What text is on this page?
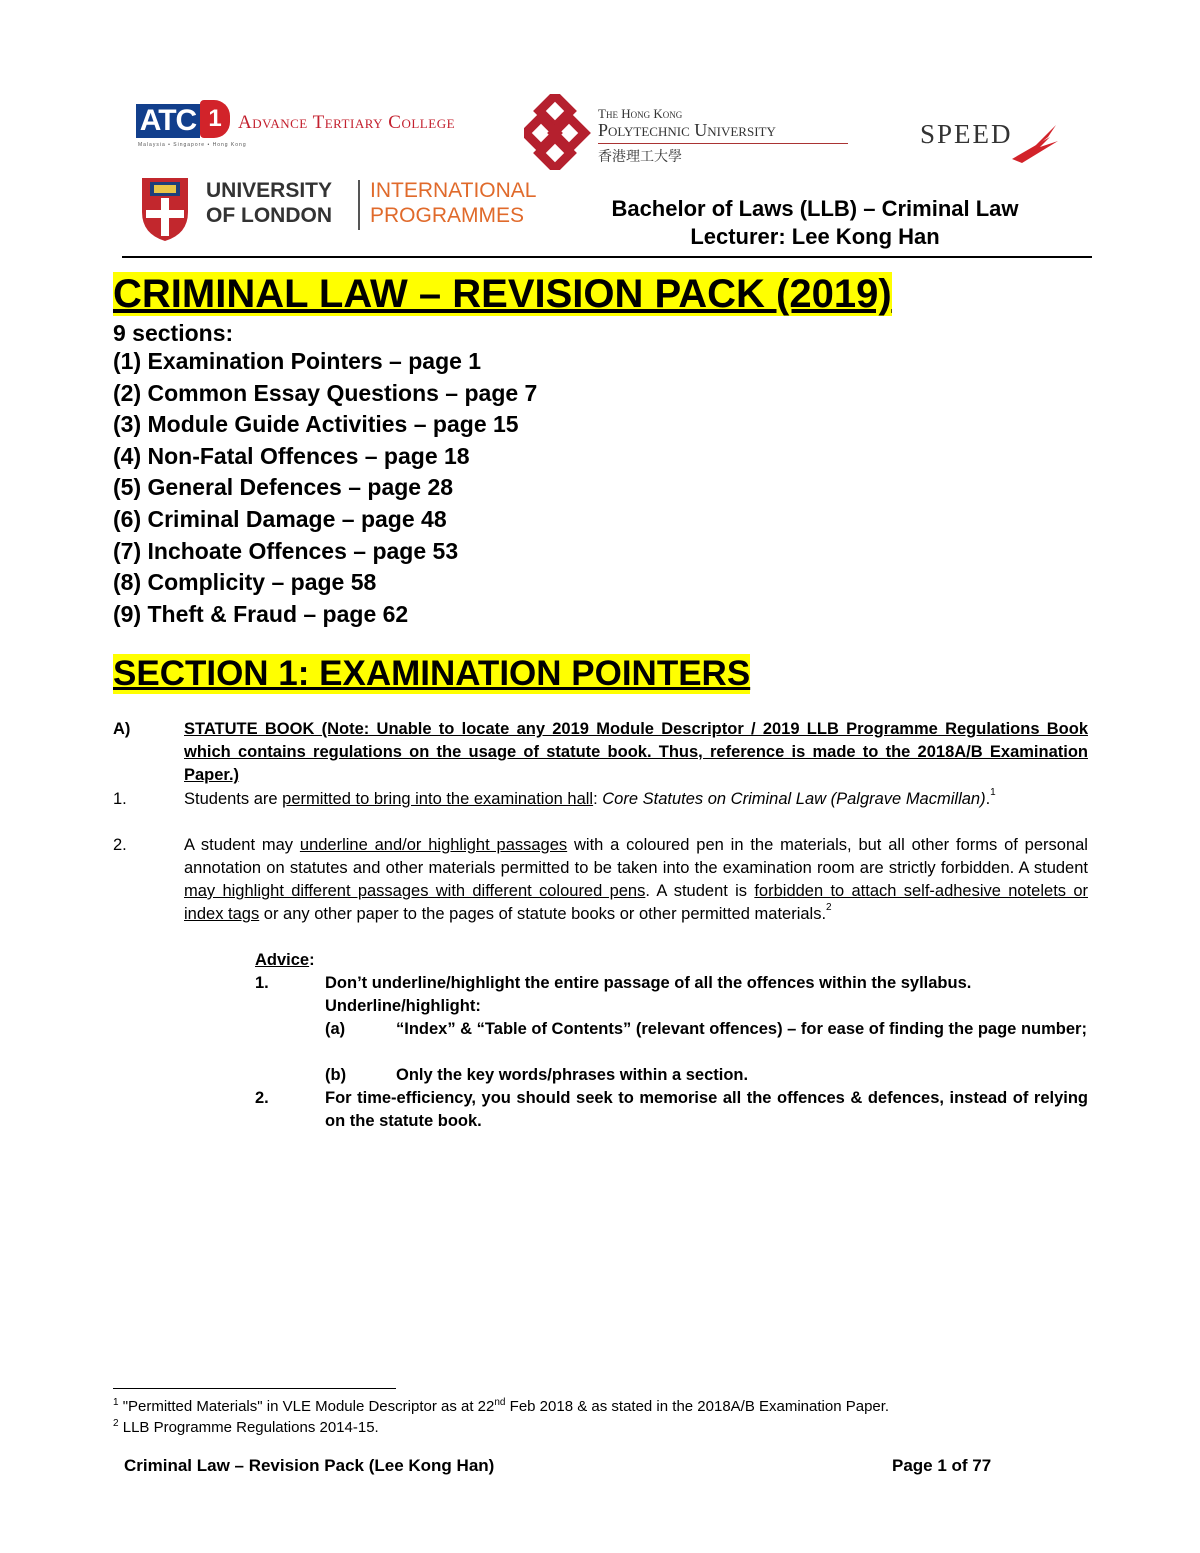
ATC 1 Advance Tertiary College
Malaysia • Singapore • Hong Kong
The Hong Kong
Polytechnic University
香港理工大學
SPEED
UNIVERSITY
OF LONDON
INTERNATIONAL
PROGRAMMES	Bachelor of Laws (LLB) – Criminal Law
Lecturer: Lee Kong Han
CRIMINAL LAW – REVISION PACK (2019)
9 sections:
(1) Examination Pointers – page 1
(2) Common Essay Questions – page 7
(3) Module Guide Activities – page 15
(4) Non-Fatal Offences – page 18
(5) General Defences – page 28
(6) Criminal Damage – page 48
(7) Inchoate Offences – page 53
(8) Complicity – page 58
(9) Theft & Fraud – page 62
SECTION 1: EXAMINATION POINTERS
A)	STATUTE BOOK (Note: Unable to locate any 2019 Module Descriptor / 2019 LLB Programme Regulations Book which contains regulations on the usage of statute book. Thus, reference is made to the 2018A/B Examination Paper.)
1.	Students are permitted to bring into the examination hall: Core Statutes on Criminal Law (Palgrave Macmillan).$^1$
2.	A student may underline and/or highlight passages with a coloured pen in the materials, but all other forms of personal annotation on statutes and other materials permitted to be taken into the examination room are strictly forbidden. A student may highlight different passages with different coloured pens. A student is forbidden to attach self-adhesive notelets or index tags or any other paper to the pages of statute books or other permitted materials.$^2$
Advice:
1.	Don’t underline/highlight the entire passage of all the offences within the syllabus.
Underline/highlight:
(a)	“Index” & “Table of Contents” (relevant offences) – for ease of finding the page number;
(b)	Only the key words/phrases within a section.
2.	For time-efficiency, you should seek to memorise all the offences & defences, instead of relying on the statute book.
$^1$ "Permitted Materials" in VLE Module Descriptor as at 22nd Feb 2018 & as stated in the 2018A/B Examination Paper.
$^2$ LLB Programme Regulations 2014-15.
Criminal Law – Revision Pack (Lee Kong Han)	Page 1 of 77
